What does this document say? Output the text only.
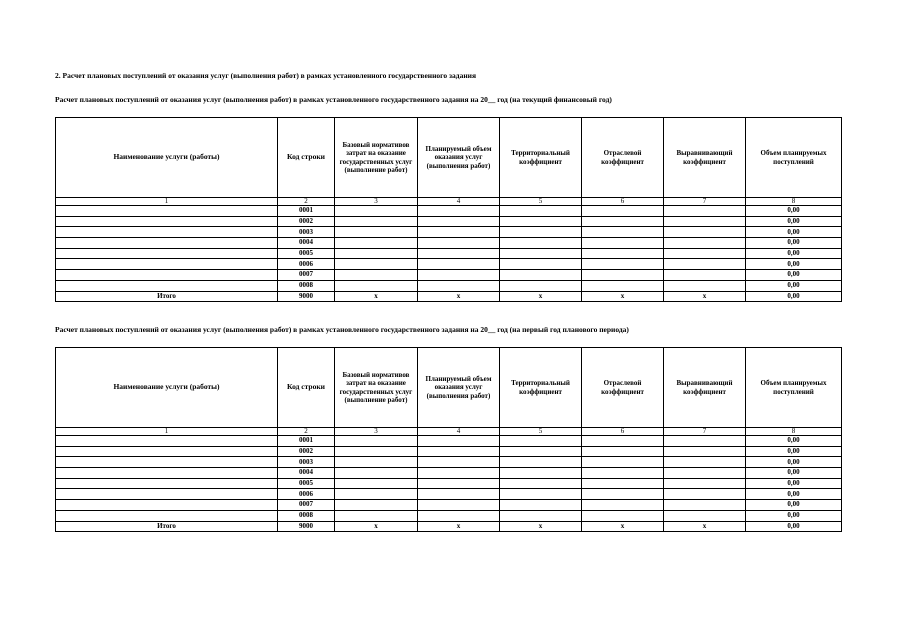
2. Расчет плановых поступлений от оказания услуг (выполнения работ) в рамках установленного государственного задания
Расчет плановых поступлений от оказания услуг (выполнения работ) в рамках установленного государственного задания на 20__ год (на текущий финансовый год)
Наименование услуги (работы)	Код строки	Базовый нормативов затрат на оказание государственных услуг (выполнение работ)	Планируемый объем оказания услуг (выполнения работ)	Территориальный коэффициент	Отраслевой коэффициент	Выравнивающий коэффициент	Объем планируемых поступлений
1	2	3	4	5	6	7	8
	0001						0,00
	0002						0,00
	0003						0,00
	0004						0,00
	0005						0,00
	0006						0,00
	0007						0,00
	0008						0,00
Итого	9000	x	x	x	x	x	0,00
Расчет плановых поступлений от оказания услуг (выполнения работ) в рамках установленного государственного задания на 20__ год (на первый год планового периода)
Наименование услуги (работы)	Код строки	Базовый нормативов затрат на оказание государственных услуг (выполнение работ)	Планируемый объем оказания услуг (выполнения работ)	Территориальный коэффициент	Отраслевой коэффициент	Выравнивающий коэффициент	Объем планируемых поступлений
1	2	3	4	5	6	7	8
	0001						0,00
	0002						0,00
	0003						0,00
	0004						0,00
	0005						0,00
	0006						0,00
	0007						0,00
	0008						0,00
Итого	9000	x	x	x	x	x	0,00
